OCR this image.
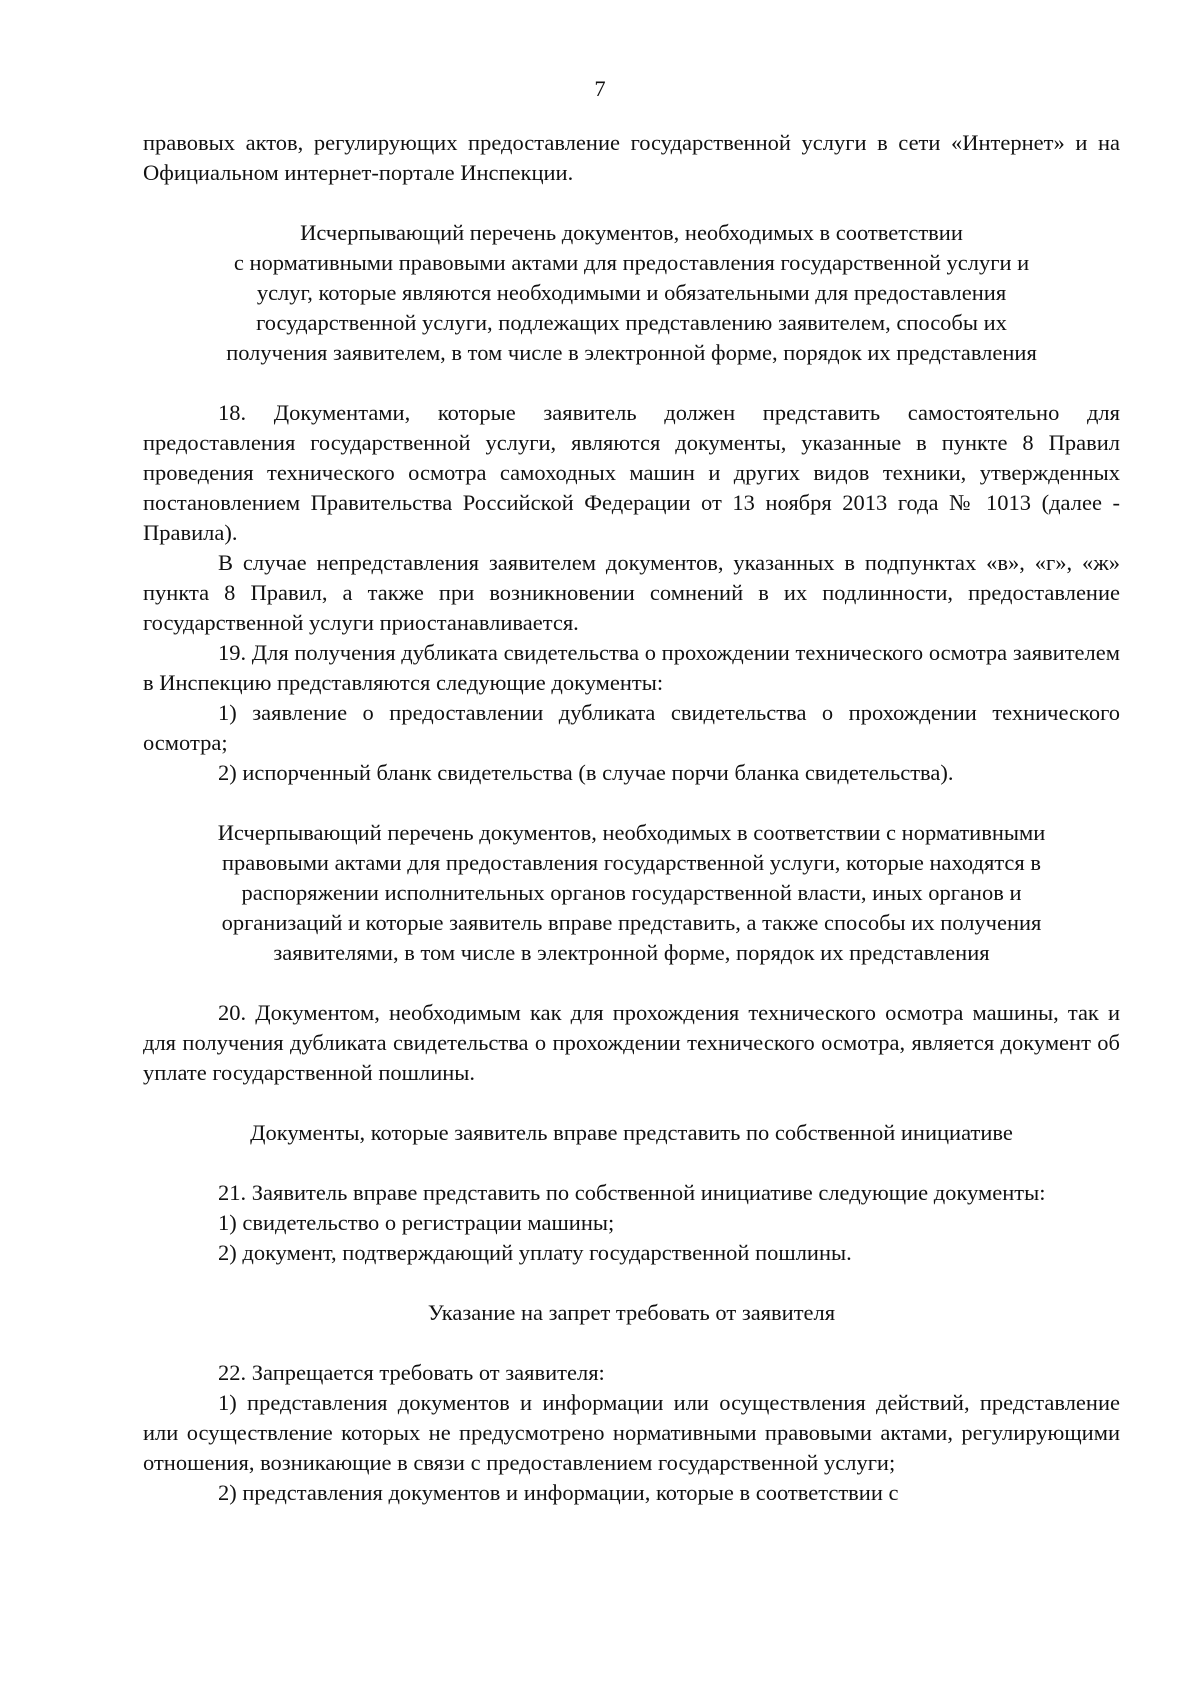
7

правовых актов, регулирующих предоставление государственной услуги в сети «Интернет» и на Официальном интернет-портале Инспекции.

Исчерпывающий перечень документов, необходимых в соответствии
с нормативными правовыми актами для предоставления государственной услуги и
услуг, которые являются необходимыми и обязательными для предоставления
государственной услуги, подлежащих представлению заявителем, способы их
получения заявителем, в том числе в электронной форме, порядок их представления

18. Документами, которые заявитель должен представить самостоятельно для предоставления государственной услуги, являются документы, указанные в пункте 8 Правил проведения технического осмотра самоходных машин и других видов техники, утвержденных постановлением Правительства Российской Федерации от 13 ноября 2013 года № 1013 (далее - Правила).

В случае непредставления заявителем документов, указанных в подпунктах «в», «г», «ж» пункта 8 Правил, а также при возникновении сомнений в их подлинности, предоставление государственной услуги приостанавливается.

19. Для получения дубликата свидетельства о прохождении технического осмотра заявителем в Инспекцию представляются следующие документы:

1) заявление о предоставлении дубликата свидетельства о прохождении технического осмотра;

2) испорченный бланк свидетельства (в случае порчи бланка свидетельства).

Исчерпывающий перечень документов, необходимых в соответствии с нормативными
правовыми актами для предоставления государственной услуги, которые находятся в
распоряжении исполнительных органов государственной власти, иных органов и
организаций и которые заявитель вправе представить, а также способы их получения
заявителями, в том числе в электронной форме, порядок их представления

20. Документом, необходимым как для прохождения технического осмотра машины, так и для получения дубликата свидетельства о прохождении технического осмотра, является документ об уплате государственной пошлины.

Документы, которые заявитель вправе представить по собственной инициативе

21. Заявитель вправе представить по собственной инициативе следующие документы:

1) свидетельство о регистрации машины;

2) документ, подтверждающий уплату государственной пошлины.

Указание на запрет требовать от заявителя

22. Запрещается требовать от заявителя:

1) представления документов и информации или осуществления действий, представление или осуществление которых не предусмотрено нормативными правовыми актами, регулирующими отношения, возникающие в связи с предоставлением государственной услуги;

2) представления документов и информации, которые в соответствии с
